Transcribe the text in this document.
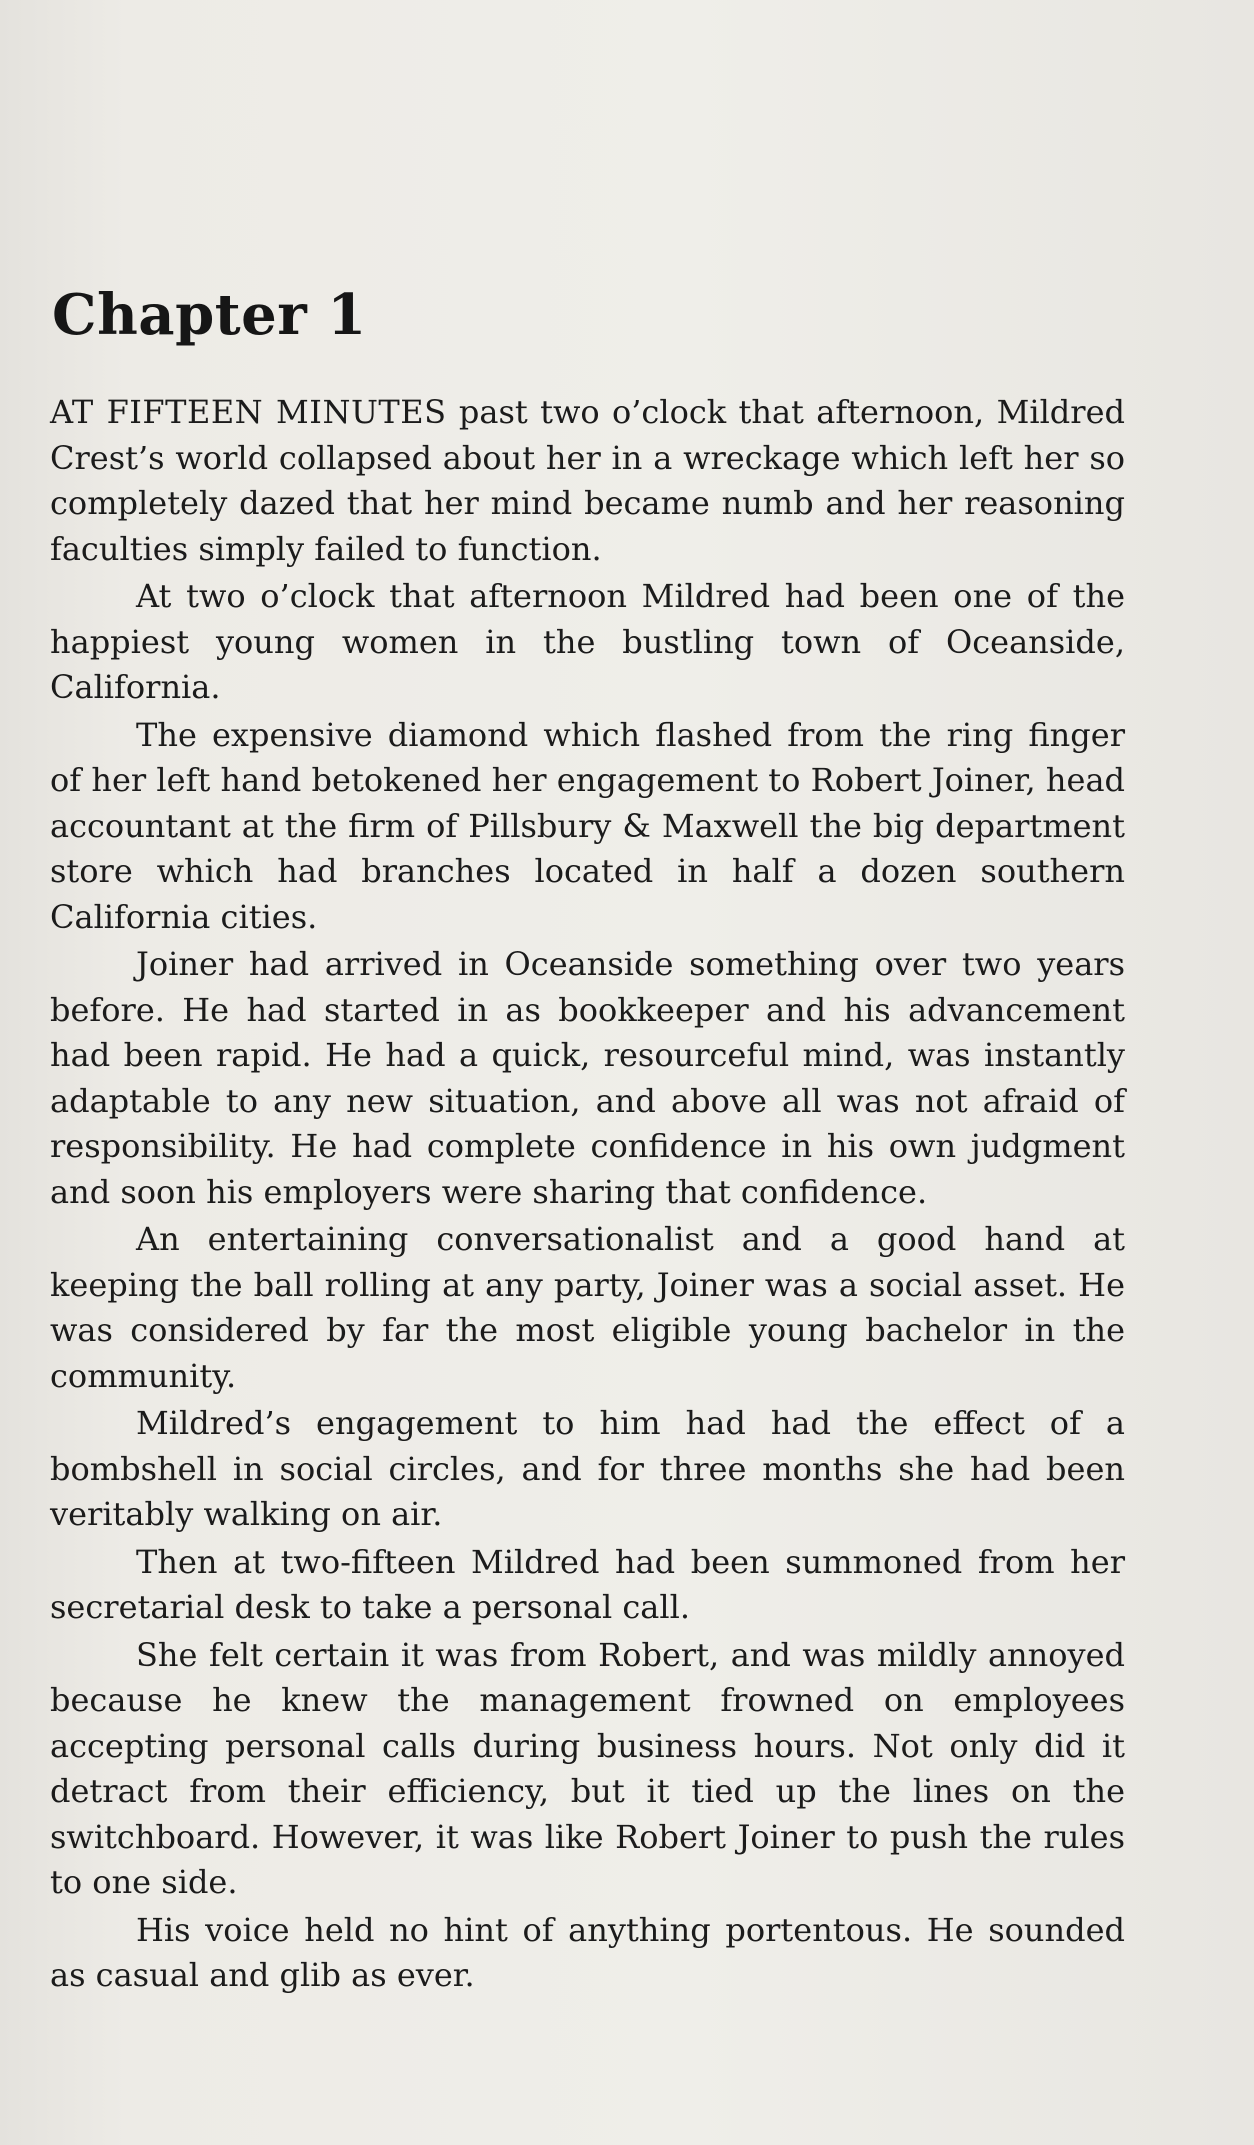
Chapter 1

AT FIFTEEN MINUTES past two o’clock that afternoon, Mildred Crest’s world collapsed about her in a wreckage which left her so completely dazed that her mind became numb and her reasoning faculties simply failed to function.

At two o’clock that afternoon Mildred had been one of the happiest young women in the bustling town of Oceanside, California.

The expensive diamond which flashed from the ring finger of her left hand betokened her engagement to Robert Joiner, head accountant at the firm of Pillsbury & Maxwell the big department store which had branches located in half a dozen southern California cities.

Joiner had arrived in Oceanside something over two years before. He had started in as bookkeeper and his advancement had been rapid. He had a quick, resourceful mind, was instantly adaptable to any new situation, and above all was not afraid of responsibility. He had complete confidence in his own judgment and soon his employers were sharing that confidence.

An entertaining conversationalist and a good hand at keeping the ball rolling at any party, Joiner was a social asset. He was considered by far the most eligible young bachelor in the community.

Mildred’s engagement to him had had the effect of a bombshell in social circles, and for three months she had been veritably walking on air.

Then at two-fifteen Mildred had been summoned from her secretarial desk to take a personal call.

She felt certain it was from Robert, and was mildly annoyed because he knew the management frowned on employees accepting personal calls during business hours. Not only did it detract from their efficiency, but it tied up the lines on the switchboard. However, it was like Robert Joiner to push the rules to one side.

His voice held no hint of anything portentous. He sounded as casual and glib as ever.
